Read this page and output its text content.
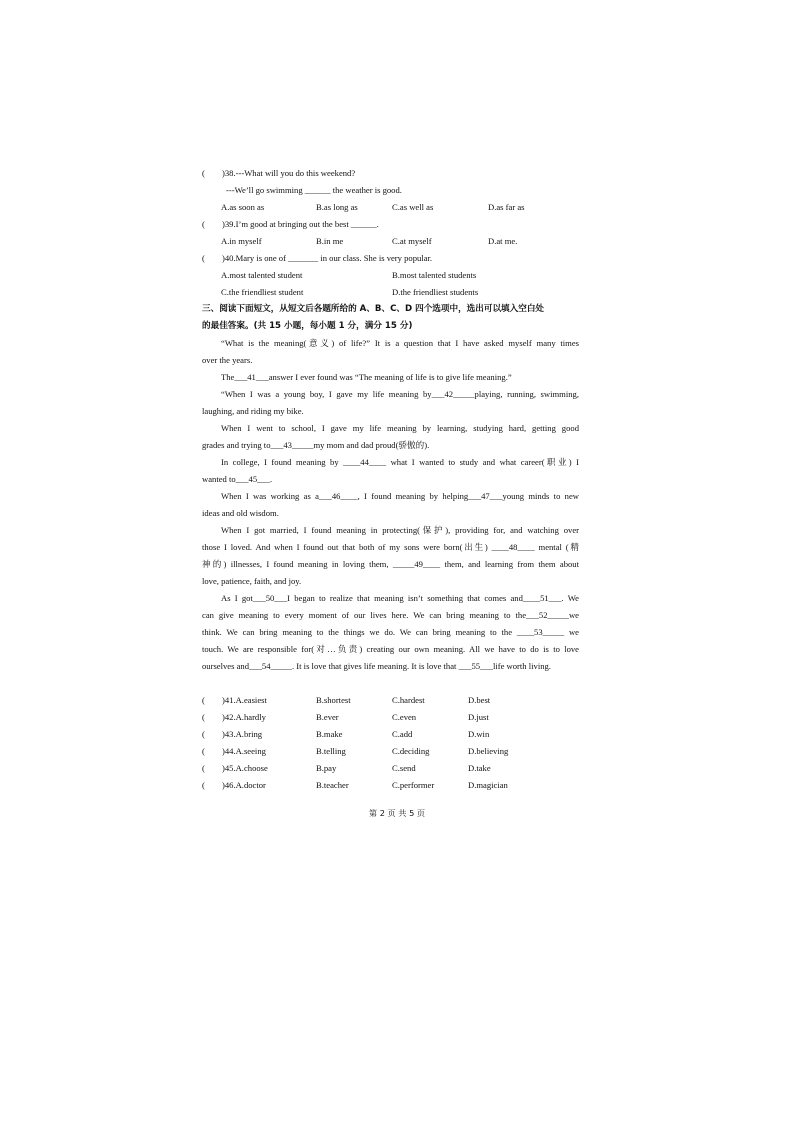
( )38.---What will you do this weekend?
---We’ll go swimming ______ the weather is good.
A.as soon as	B.as long as	C.as well as	D.as far as
( )39.I’m good at bringing out the best ______.
A.in myself	B.in me	C.at myself	D.at me.
( )40.Mary is one of _______ in our class. She is very popular.
A.most talented student	B.most talented students
C.the friendliest student	D.the friendliest students
三、阅读下面短文，从短文后各题所给的 A、B、C、D 四个选项中，选出可以填入空白处
的最佳答案。(共 15 小题，每小题 1 分，满分 15 分)
“What is the meaning(意义) of life?” It is a question that I have asked myself many times
over the years.
The___41___answer I ever found was “The meaning of life is to give life meaning.”
“When I was a young boy, I gave my life meaning by___42_____playing, running, swimming,
laughing, and riding my bike.
When I went to school, I gave my life meaning by learning, studying hard, getting good
grades and trying to___43_____my mom and dad proud(骄傲的).
In college, I found meaning by ____44____ what I wanted to study and what career(职业) I
wanted to___45___.
When I was working as a___46____, I found meaning by helping___47___young minds to new
ideas and old wisdom.
When I got married, I found meaning in protecting(保护), providing for, and watching over
those I loved. And when I found out that both of my sons were born(出生) ____48____ mental (精
神的) illnesses, I found meaning in loving them, _____49____ them, and learning from them about
love, patience, faith, and joy.
As I got___50___I began to realize that meaning isn’t something that comes and____51___. We
can give meaning to every moment of our lives here. We can bring meaning to the___52_____we
think. We can bring meaning to the things we do. We can bring meaning to the ____53_____ we
touch. We are responsible for(对…负责) creating our own meaning. All we have to do is to love
ourselves and___54_____. It is love that gives life meaning. It is love that ___55___life worth living.
( )41.A.easiest	B.shortest	C.hardest	D.best
( )42.A.hardly	B.ever	C.even	D.just
( )43.A.bring	B.make	C.add	D.win
( )44.A.seeing	B.telling	C.deciding	D.believing
( )45.A.choose	B.pay	C.send	D.take
( )46.A.doctor	B.teacher	C.performer	D.magician
第 2 页 共 5 页
